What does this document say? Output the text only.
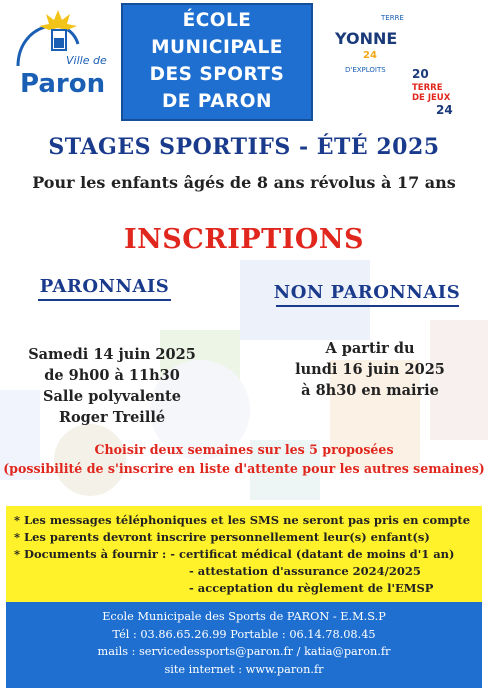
Ville de
Paron
ÉCOLE
MUNICIPALE
DES SPORTS
DE PARON
TERRE
YONNE
24
D'EXPLOITS 20
TERRE
DE JEUX
24
STAGES SPORTIFS - ÉTÉ 2025
Pour les enfants âgés de 8 ans révolus à 17 ans
INSCRIPTIONS
PARONNAIS	NON PARONNAIS
Samedi 14 juin 2025
de 9h00 à 11h30
Salle polyvalente
Roger Treillé
A partir du
lundi 16 juin 2025
à 8h30 en mairie
Choisir deux semaines sur les 5 proposées
(possibilité de s'inscrire en liste d'attente pour les autres semaines)
* Les messages téléphoniques et les SMS ne seront pas pris en compte
* Les parents devront inscrire personnellement leur(s) enfant(s)
* Documents à fournir : - certificat médical (datant de moins d'1 an)
- attestation d'assurance 2024/2025
- acceptation du règlement de l'EMSP
Ecole Municipale des Sports de PARON - E.M.S.P
Tél : 03.86.65.26.99 Portable : 06.14.78.08.45
mails : servicedessports@paron.fr / katia@paron.fr
site internet : www.paron.fr
